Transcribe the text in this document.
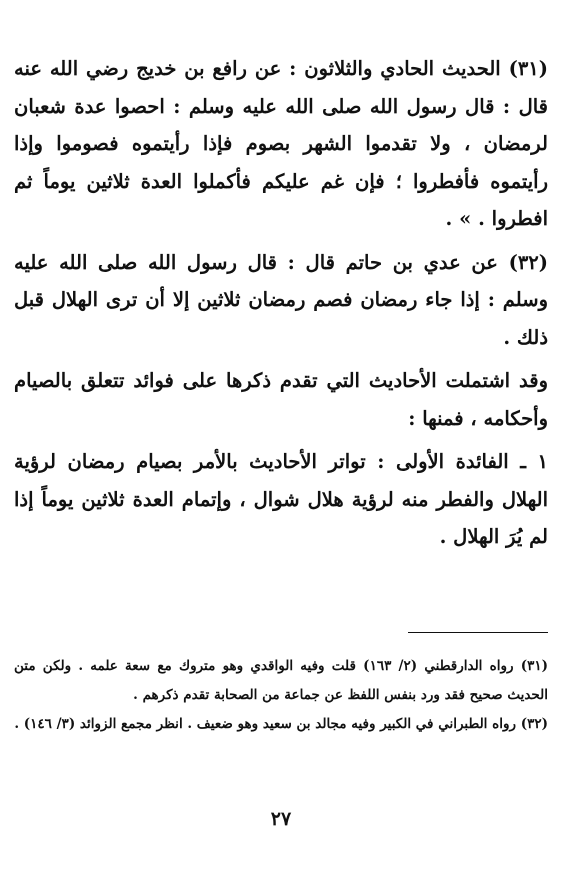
(٣١) الحديث الحادي والثلاثون : عن رافع بن خديج رضي الله عنه قال : قال رسول الله صلى الله عليه وسلم : احصوا عدة شعبان لرمضان ، ولا تقدموا الشهر بصوم فإذا رأيتموه فصوموا وإذا رأيتموه فأفطروا ؛ فإن غم عليكم فأكملوا العدة ثلاثين يوماً ثم افطروا . » .

(٣٢) عن عدي بن حاتم قال : قال رسول الله صلى الله عليه وسلم : إذا جاء رمضان فصم رمضان ثلاثين إلا أن ترى الهلال قبل ذلك .

وقد اشتملت الأحاديث التي تقدم ذكرها على فوائد تتعلق بالصيام وأحكامه ، فمنها :

١ ـ الفائدة الأولى : تواتر الأحاديث بالأمر بصيام رمضان لرؤية الهلال والفطر منه لرؤية هلال شوال ، وإتمام العدة ثلاثين يوماً إذا لم يُرَ الهلال .

(٣١) رواه الدارقطني (٢/ ١٦٣) قلت وفيه الواقدي وهو متروك مع سعة علمه . ولكن متن الحديث صحيح فقد ورد بنفس اللفظ عن جماعة من الصحابة تقدم ذكرهم .

(٣٢) رواه الطبراني في الكبير وفيه مجالد بن سعيد وهو ضعيف . انظر مجمع الزوائد (٣/ ١٤٦) .

٢٧
